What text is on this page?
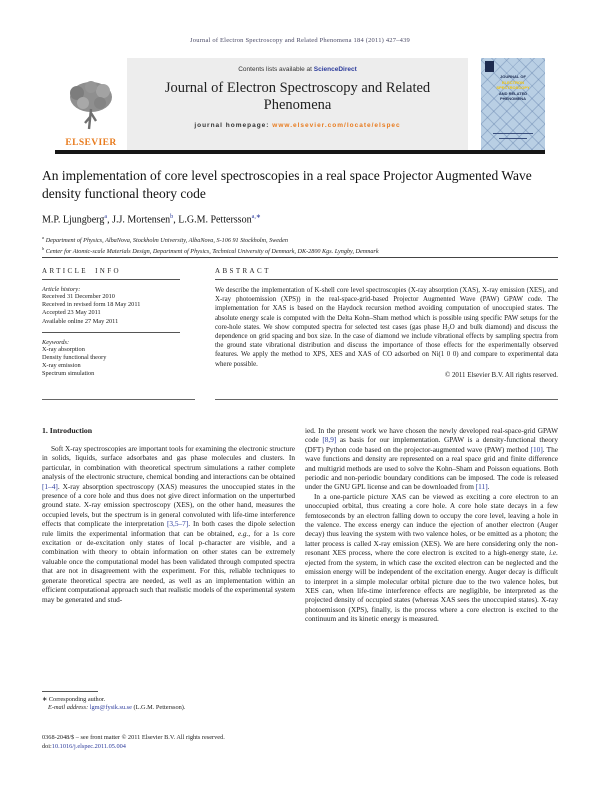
Journal of Electron Spectroscopy and Related Phenomena 184 (2011) 427–439
ELSEVIER
Contents lists available at ScienceDirect
Journal of Electron Spectroscopy and Related Phenomena
journal homepage: www.elsevier.com/locate/elspec
JOURNAL OF
ELECTRON
SPECTROSCOPY
AND RELATED
PHENOMENA
An implementation of core level spectroscopies in a real space Projector Augmented Wave density functional theory code
M.P. Ljungberg$^a$, J.J. Mortensen$^b$, L.G.M. Pettersson$^{a,∗}$
$^a$ Department of Physics, AlbaNova, Stockholm University, AlbaNova, S-106 91 Stockholm, Sweden
$^b$ Center for Atomic-scale Materials Design, Department of Physics, Technical University of Denmark, DK-2800 Kgs. Lyngby, Denmark
ARTICLE INFO
Article history:
Received 31 December 2010
Received in revised form 18 May 2011
Accepted 23 May 2011
Available online 27 May 2011
Keywords:
X-ray absorption
Density functional theory
X-ray emission
Spectrum simulation
ABSTRACT
We describe the implementation of K-shell core level spectroscopies (X-ray absorption (XAS), X-ray emission (XES), and X-ray photoemission (XPS)) in the real-space-grid-based Projector Augmented Wave (PAW) GPAW code. The implementation for XAS is based on the Haydock recursion method avoiding computation of unoccupied states. The absolute energy scale is computed with the Delta Kohn–Sham method which is possible using specific PAW setups for the core-hole states. We show computed spectra for selected test cases (gas phase H₂O and bulk diamond) and discuss the dependence on grid spacing and box size. In the case of diamond we include vibrational effects by sampling spectra from the ground state vibrational distribution and discuss the importance of those effects for the experimentally observed features. We apply the method to XPS, XES and XAS of CO adsorbed on Ni(1 0 0) and compare to experimental data where possible.
© 2011 Elsevier B.V. All rights reserved.
1. Introduction

Soft X-ray spectroscopies are important tools for examining the electronic structure in solids, liquids, surface adsorbates and gas phase molecules and clusters. In particular, in combination with theoretical spectrum simulations a rather complete analysis of the electronic structure, chemical bonding and interactions can be obtained [1–4]. X-ray absorption spectroscopy (XAS) measures the unoccupied states in the presence of a core hole and thus does not give direct information on the unperturbed ground state. X-ray emission spectroscopy (XES), on the other hand, measures the occupied levels, but the spectrum is in general convoluted with life-time interference effects that complicate the interpretation [3,5–7]. In both cases the dipole selection rule limits the experimental information that can be obtained, e.g., for a 1s core excitation or de-excitation only states of local p-character are visible, and a combination with theory to obtain information on other states can be extremely valuable once the computational model has been validated through computed spectra that are not in disagreement with the experiment. For this, reliable techniques to generate theoretical spectra are needed, as well as an implementation within an efficient computational approach such that realistic models of the experimental system may be generated and stud-

ied. In the present work we have chosen the newly developed real-space-grid GPAW code [8,9] as basis for our implementation. GPAW is a density-functional theory (DFT) Python code based on the projector-augmented wave (PAW) method [10]. The wave functions and density are represented on a real space grid and finite difference and multigrid methods are used to solve the Kohn–Sham and Poisson equations. Both periodic and non-periodic boundary conditions can be imposed. The code is released under the GNU GPL license and can be downloaded from [11].

In a one-particle picture XAS can be viewed as exciting a core electron to an unoccupied orbital, thus creating a core hole. A core hole state decays in a few femtoseconds by an electron falling down to occupy the core level, leaving a hole in the valence. The excess energy can induce the ejection of another electron (Auger decay) thus leaving the system with two valence holes, or be emitted as a photon; the latter process is called X-ray emission (XES). We are here considering only the non-resonant XES process, where the core electron is excited to a high-energy state, i.e. ejected from the system, in which case the excited electron can be neglected and the emission energy will be independent of the excitation energy. Auger decay is difficult to interpret in a simple molecular orbital picture due to the two valence holes, but XES can, when life-time interference effects are negligible, be interpreted as the projected density of occupied states (whereas XAS sees the unoccupied states). X-ray photoemisson (XPS), finally, is the process where a core electron is excited to the continuum and its kinetic energy is measured.

∗ Corresponding author.
E-mail address: lgm@fysik.su.se (L.G.M. Pettersson).
0368-2048/$ – see front matter © 2011 Elsevier B.V. All rights reserved.
doi:10.1016/j.elspec.2011.05.004
